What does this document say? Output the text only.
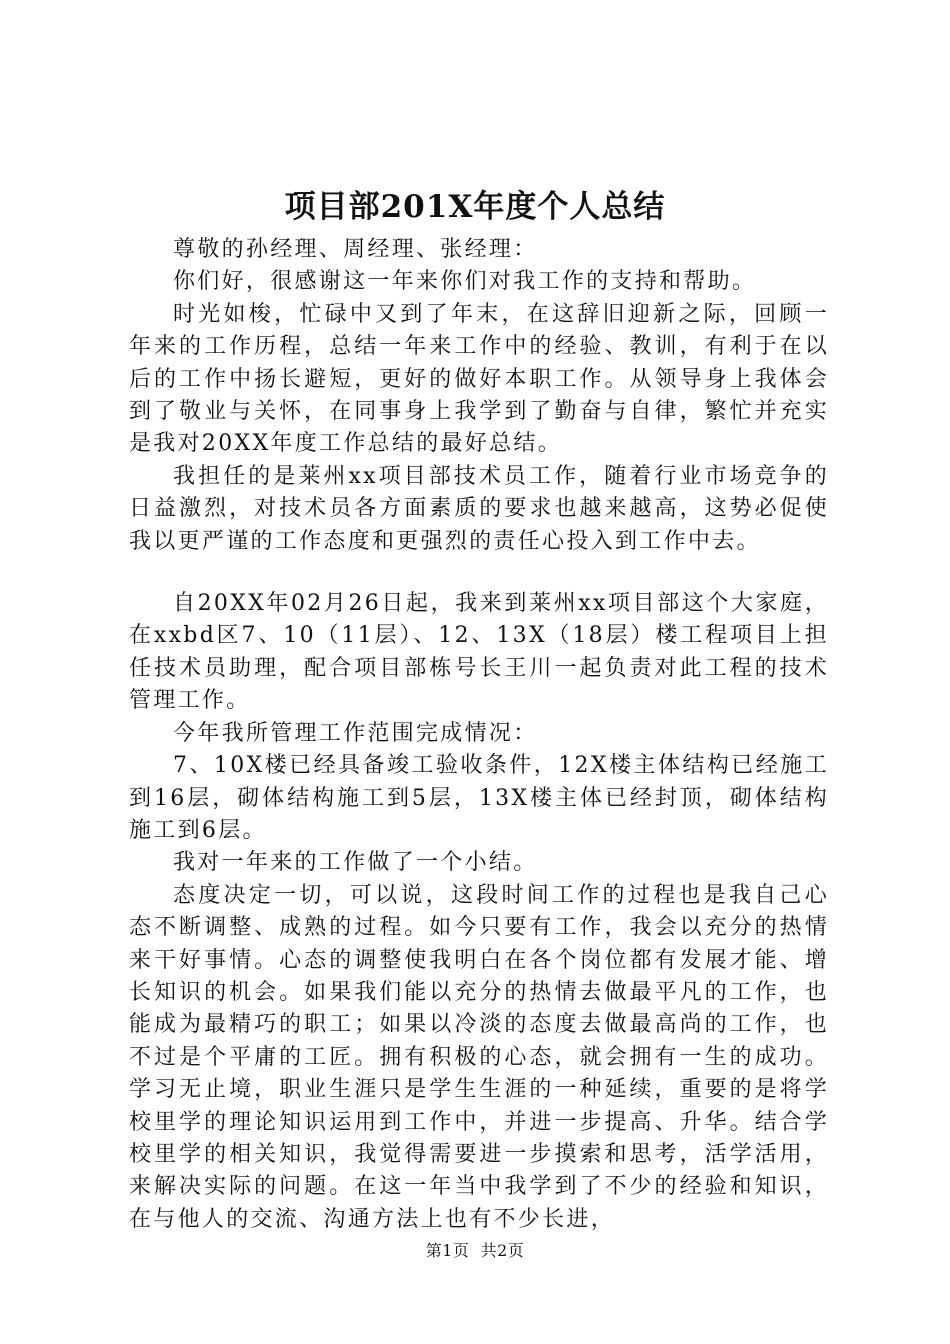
项目部201X年度个人总结

尊敬的孙经理、周经理、张经理：

你们好，很感谢这一年来你们对我工作的支持和帮助。

时光如梭，忙碌中又到了年末，在这辞旧迎新之际，回顾一年来的工作历程，总结一年来工作中的经验、教训，有利于在以后的工作中扬长避短，更好的做好本职工作。从领导身上我体会到了敬业与关怀，在同事身上我学到了勤奋与自律，繁忙并充实是我对20XX年度工作总结的最好总结。

我担任的是莱州xx项目部技术员工作，随着行业市场竞争的日益激烈，对技术员各方面素质的要求也越来越高，这势必促使我以更严谨的工作态度和更强烈的责任心投入到工作中去。

自20XX年02月26日起，我来到莱州xx项目部这个大家庭，在xxbd区7、10（11层）、12、13X（18层）楼工程项目上担任技术员助理，配合项目部栋号长王川一起负责对此工程的技术管理工作。

今年我所管理工作范围完成情况：

7、10X楼已经具备竣工验收条件，12X楼主体结构已经施工到16层，砌体结构施工到5层，13X楼主体已经封顶，砌体结构施工到6层。

我对一年来的工作做了一个小结。

态度决定一切，可以说，这段时间工作的过程也是我自己心态不断调整、成熟的过程。如今只要有工作，我会以充分的热情来干好事情。心态的调整使我明白在各个岗位都有发展才能、增长知识的机会。如果我们能以充分的热情去做最平凡的工作，也能成为最精巧的职工；如果以冷淡的态度去做最高尚的工作，也不过是个平庸的工匠。拥有积极的心态，就会拥有一生的成功。学习无止境，职业生涯只是学生生涯的一种延续，重要的是将学校里学的理论知识运用到工作中，并进一步提高、升华。结合学校里学的相关知识，我觉得需要进一步摸索和思考，活学活用，来解决实际的问题。在这一年当中我学到了不少的经验和知识，在与他人的交流、沟通方法上也有不少长进，

第1页 共2页
